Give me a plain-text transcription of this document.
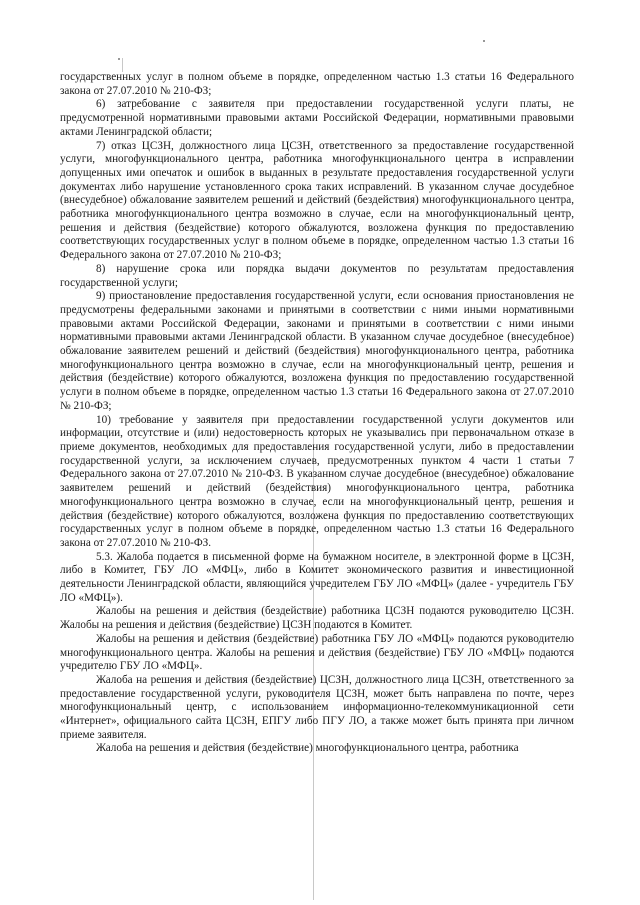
государственных услуг в полном объеме в порядке, определенном частью 1.3 статьи 16 Федерального закона от 27.07.2010 № 210-ФЗ;

6) затребование с заявителя при предоставлении государственной услуги платы, не предусмотренной нормативными правовыми актами Российской Федерации, нормативными правовыми актами Ленинградской области;

7) отказ ЦСЗН, должностного лица ЦСЗН, ответственного за предоставление государственной услуги, многофункционального центра, работника многофункционального центра в исправлении допущенных ими опечаток и ошибок в выданных в результате предоставления государственной услуги документах либо нарушение установленного срока таких исправлений. В указанном случае досудебное (внесудебное) обжалование заявителем решений и действий (бездействия) многофункционального центра, работника многофункционального центра возможно в случае, если на многофункциональный центр, решения и действия (бездействие) которого обжалуются, возложена функция по предоставлению соответствующих государственных услуг в полном объеме в порядке, определенном частью 1.3 статьи 16 Федерального закона от 27.07.2010 № 210-ФЗ;

8) нарушение срока или порядка выдачи документов по результатам предоставления государственной услуги;

9) приостановление предоставления государственной услуги, если основания приостановления не предусмотрены федеральными законами и принятыми в соответствии с ними иными нормативными правовыми актами Российской Федерации, законами и принятыми в соответствии с ними иными нормативными правовыми актами Ленинградской области. В указанном случае досудебное (внесудебное) обжалование заявителем решений и действий (бездействия) многофункционального центра, работника многофункционального центра возможно в случае, если на многофункциональный центр, решения и действия (бездействие) которого обжалуются, возложена функция по предоставлению государственной услуги в полном объеме в порядке, определенном частью 1.3 статьи 16 Федерального закона от 27.07.2010 № 210-ФЗ;

10) требование у заявителя при предоставлении государственной услуги документов или информации, отсутствие и (или) недостоверность которых не указывались при первоначальном отказе в приеме документов, необходимых для предоставления государственной услуги, либо в предоставлении государственной услуги, за исключением случаев, предусмотренных пунктом 4 части 1 статьи 7 Федерального закона от 27.07.2010 № 210-ФЗ. В указанном случае досудебное (внесудебное) обжалование заявителем решений и действий (бездействия) многофункционального центра, работника многофункционального центра возможно в случае, если на многофункциональный центр, решения и действия (бездействие) которого обжалуются, возложена функция по предоставлению соответствующих государственных услуг в полном объеме в порядке, определенном частью 1.3 статьи 16 Федерального закона от 27.07.2010 № 210-ФЗ.

5.3. Жалоба подается в письменной форме на бумажном носителе, в электронной форме в ЦСЗН, либо в Комитет, ГБУ ЛО «МФЦ», либо в Комитет экономического развития и инвестиционной деятельности Ленинградской области, являющийся учредителем ГБУ ЛО «МФЦ» (далее - учредитель ГБУ ЛО «МФЦ»).

Жалобы на решения и действия (бездействие) работника ЦСЗН подаются руководителю ЦСЗН. Жалобы на решения и действия (бездействие) ЦСЗН подаются в Комитет.

Жалобы на решения и действия (бездействие) работника ГБУ ЛО «МФЦ» подаются руководителю многофункционального центра. Жалобы на решения и действия (бездействие) ГБУ ЛО «МФЦ» подаются учредителю ГБУ ЛО «МФЦ».

Жалоба на решения и действия (бездействие) ЦСЗН, должностного лица ЦСЗН, ответственного за предоставление государственной услуги, руководителя ЦСЗН, может быть направлена по почте, через многофункциональный центр, с использованием информационно-телекоммуникационной сети «Интернет», официального сайта ЦСЗН, ЕПГУ либо ПГУ ЛО, а также может быть принята при личном приеме заявителя.

Жалоба на решения и действия (бездействие) многофункционального центра, работника
